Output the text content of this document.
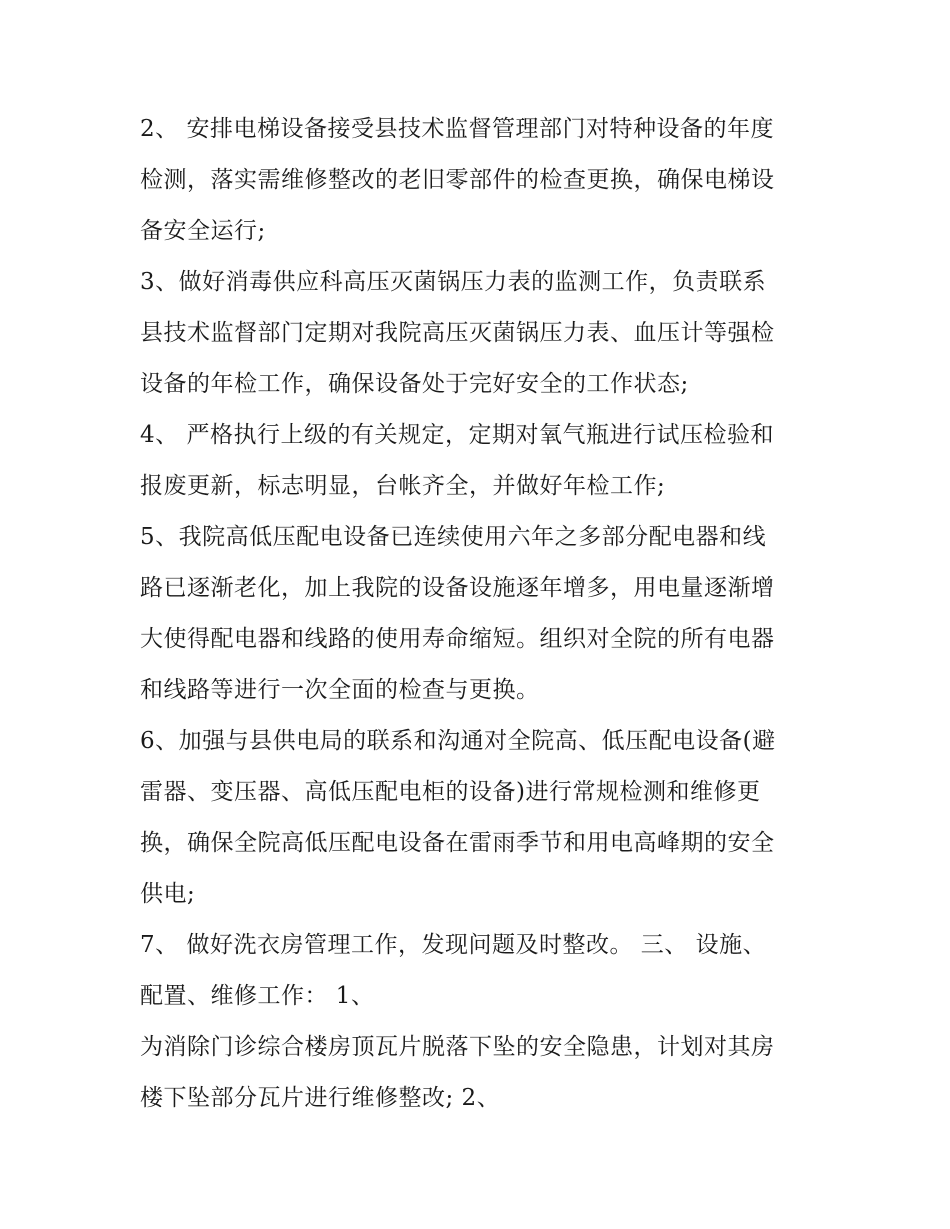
2、 安排电梯设备接受县技术监督管理部门对特种设备的年度
检测，落实需维修整改的老旧零部件的检查更换，确保电梯设
备安全运行;
3、做好消毒供应科高压灭菌锅压力表的监测工作，负责联系
县技术监督部门定期对我院高压灭菌锅压力表、血压计等强检
设备的年检工作，确保设备处于完好安全的工作状态;
4、 严格执行上级的有关规定，定期对氧气瓶进行试压检验和
报废更新，标志明显，台帐齐全，并做好年检工作;
5、我院高低压配电设备已连续使用六年之多部分配电器和线
路已逐渐老化，加上我院的设备设施逐年增多，用电量逐渐增
大使得配电器和线路的使用寿命缩短。组织对全院的所有电器
和线路等进行一次全面的检查与更换。
6、加强与县供电局的联系和沟通对全院高、低压配电设备(避
雷器、变压器、高低压配电柜的设备)进行常规检测和维修更
换，确保全院高低压配电设备在雷雨季节和用电高峰期的安全
供电;
7、 做好洗衣房管理工作，发现问题及时整改。 三、 设施、
配置、维修工作： 1、
为消除门诊综合楼房顶瓦片脱落下坠的安全隐患，计划对其房
楼下坠部分瓦片进行维修整改; 2、
